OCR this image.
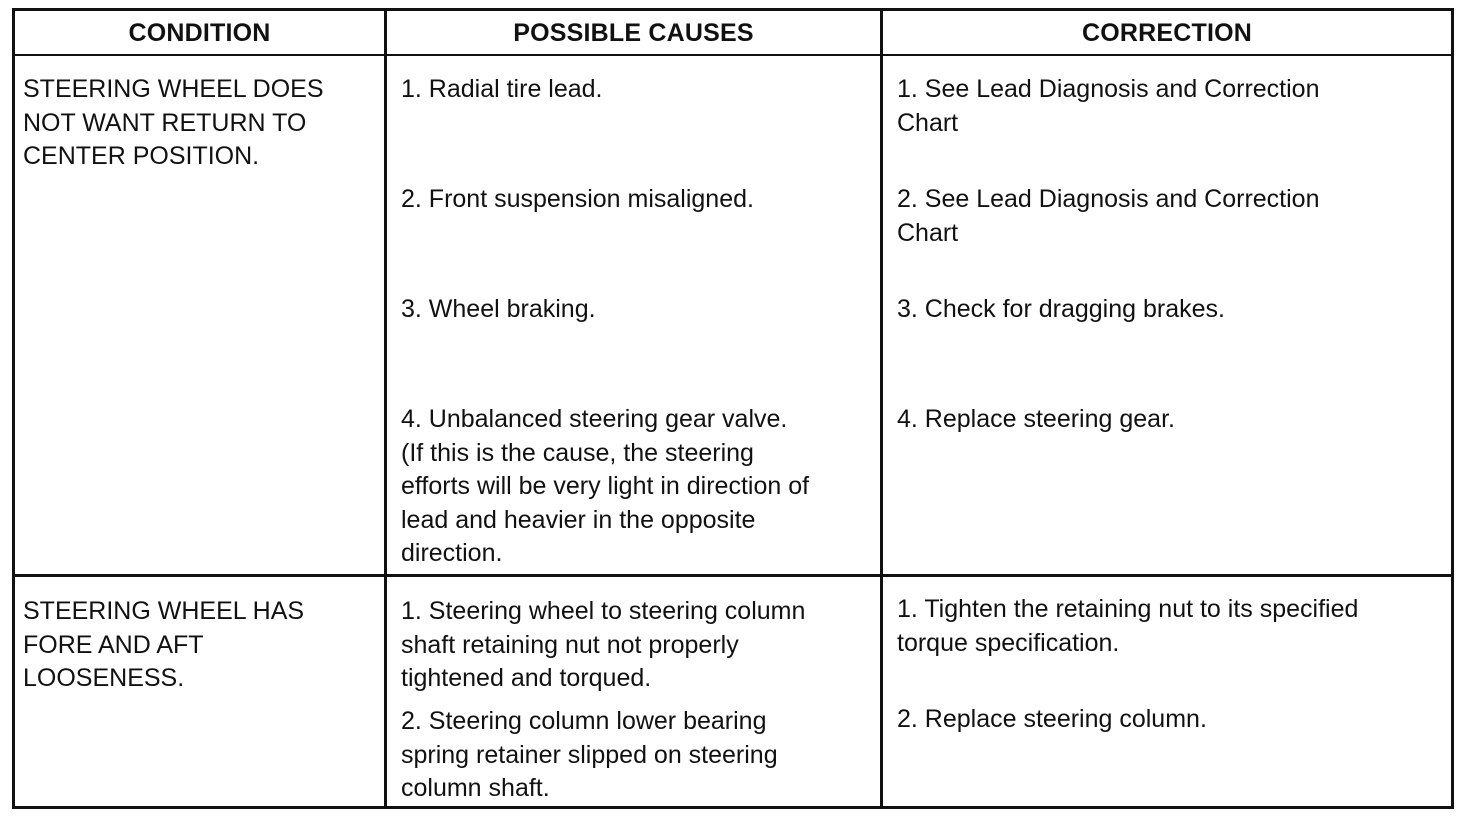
CONDITION	POSSIBLE CAUSES	CORRECTION
STEERING WHEEL DOES
NOT WANT RETURN TO
CENTER POSITION.
1. Radial tire lead.
2. Front suspension misaligned.
3. Wheel braking.
4. Unbalanced steering gear valve.
(If this is the cause, the steering
efforts will be very light in direction of
lead and heavier in the opposite
direction.
1. See Lead Diagnosis and Correction
Chart
2. See Lead Diagnosis and Correction
Chart
3. Check for dragging brakes.
4. Replace steering gear.
STEERING WHEEL HAS
FORE AND AFT
LOOSENESS.
1. Steering wheel to steering column
shaft retaining nut not properly
tightened and torqued.
2. Steering column lower bearing
spring retainer slipped on steering
column shaft.
1. Tighten the retaining nut to its specified
torque specification.
2. Replace steering column.
